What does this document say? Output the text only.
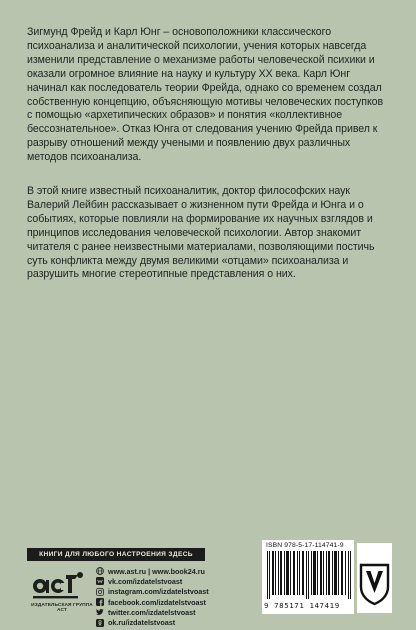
Зигмунд Фрейд и Карл Юнг – основоположники классического психоанализа и аналитической психологии, учения которых навсегда изменили представление о механизме работы человеческой психики и оказали огромное влияние на науку и культуру XX века. Карл Юнг начинал как последователь теории Фрейда, однако со временем создал собственную концепцию, объясняющую мотивы человеческих поступков с помощью «архетипических образов» и понятия «коллективное бессознательное». Отказ Юнга от следования учению Фрейда привел к разрыву отношений между учеными и появлению двух различных методов психоанализа.

В этой книге известный психоаналитик, доктор философских наук Валерий Лейбин рассказывает о жизненном пути Фрейда и Юнга и о событиях, которые повлияли на формирование их научных взглядов и принципов исследования человеческой психологии. Автор знакомит читателя с ранее неизвестными материалами, позволяющими постичь суть конфликта между двумя великими «отцами» психоанализа и разрушить многие стереотипные представления о них.

КНИГИ ДЛЯ ЛЮБОГО НАСТРОЕНИЯ ЗДЕСЬ
ИЗДАТЕЛЬСКАЯ ГРУППА АСТ
www.ast.ru | www.book24.ru
vk.com/izdatelstvoast
instagram.com/izdatelstvoast
facebook.com/izdatelstvoast
twitter.com/izdatelstvoast
ok.ru/izdatelstvoast
ISBN 978-5-17-114741-9
9 785171 147419
